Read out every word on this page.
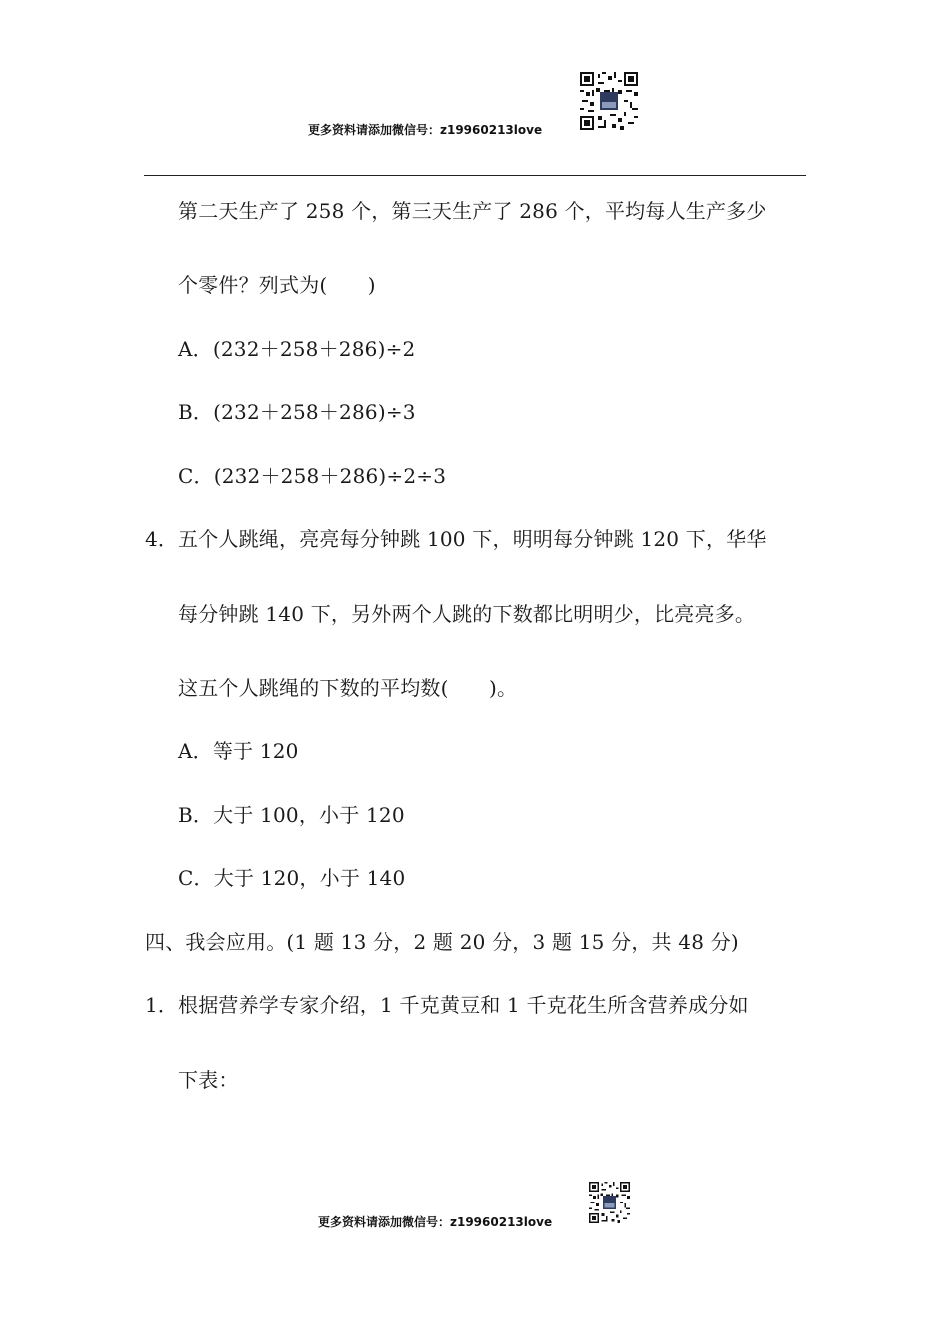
更多资料请添加微信号：z19960213love
第二天生产了 258 个，第三天生产了 286 个，平均每人生产多少
个零件？列式为(　　)
A．(232＋258＋286)÷2
B．(232＋258＋286)÷3
C．(232＋258＋286)÷2÷3
4．五个人跳绳，亮亮每分钟跳 100 下，明明每分钟跳 120 下，华华
每分钟跳 140 下，另外两个人跳的下数都比明明少，比亮亮多。
这五个人跳绳的下数的平均数(　　)。
A．等于 120
B．大于 100，小于 120
C．大于 120，小于 140
四、我会应用。(1 题 13 分，2 题 20 分，3 题 15 分，共 48 分)
1．根据营养学专家介绍，1 千克黄豆和 1 千克花生所含营养成分如
下表：
更多资料请添加微信号：z19960213love
